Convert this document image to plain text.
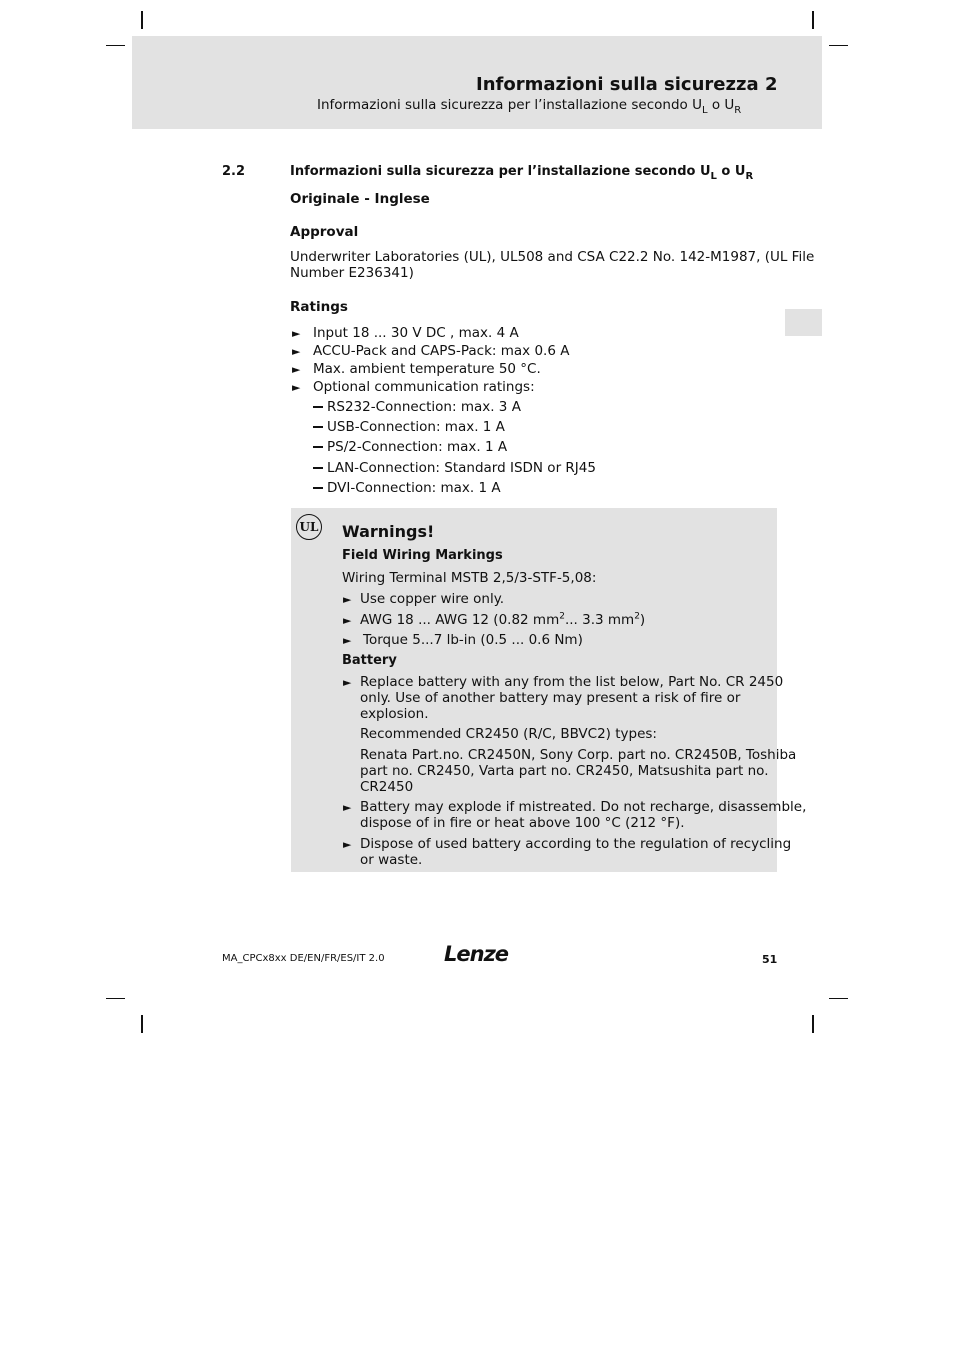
Informazioni sulla sicurezza 2
Informazioni sulla sicurezza per l’installazione secondo $U_L$ o $U_R$
2.2	Informazioni sulla sicurezza per l’installazione secondo $U_L$ o $U_R$
Originale - Inglese
Approval
Underwriter Laboratories (UL), UL508 and CSA C22.2 No. 142-M1987, (UL File
Number E236341)
Ratings
► Input 18 ... 30 V DC , max. 4 A
► ACCU-Pack and CAPS-Pack: max 0.6 A
► Max. ambient temperature 50 °C.
► Optional communication ratings:
RS232-Connection: max. 3 A
USB-Connection: max. 1 A
PS/2-Connection: max. 1 A
LAN-Connection: Standard ISDN or RJ45
DVI-Connection: max. 1 A
UL Warnings!
Field Wiring Markings
Wiring Terminal MSTB 2,5/3-STF-5,08:
► Use copper wire only.
► AWG 18 ... AWG 12 (0.82 $mm^2$... 3.3 $mm^2$)
► Torque 5...7 lb-in (0.5 ... 0.6 Nm)
Battery
► Replace battery with any from the list below, Part No. CR 2450
only. Use of another battery may present a risk of fire or
explosion.
Recommended CR2450 (R/C, BBVC2) types:
Renata Part.no. CR2450N, Sony Corp. part no. CR2450B, Toshiba
part no. CR2450, Varta part no. CR2450, Matsushita part no.
CR2450
► Battery may explode if mistreated. Do not recharge, disassemble,
dispose of in fire or heat above 100 °C (212 °F).
► Dispose of used battery according to the regulation of recycling
or waste.
MA_CPCx8xx DE/EN/FR/ES/IT 2.0	Lenze	51
